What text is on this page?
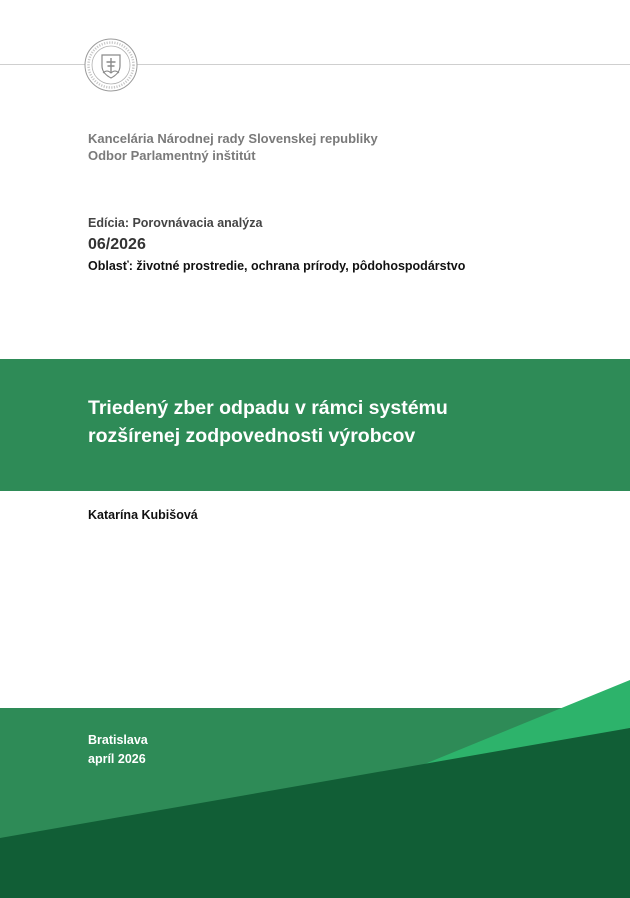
Kancelária Národnej rady Slovenskej republiky
Odbor Parlamentný inštitút
Edícia: Porovnávacia analýza
06/2026
Oblasť: životné prostredie, ochrana prírody, pôdohospodárstvo
Triedený zber odpadu v rámci systému
rozšírenej zodpovednosti výrobcov
Katarína Kubišová
Bratislava
apríl 2026
